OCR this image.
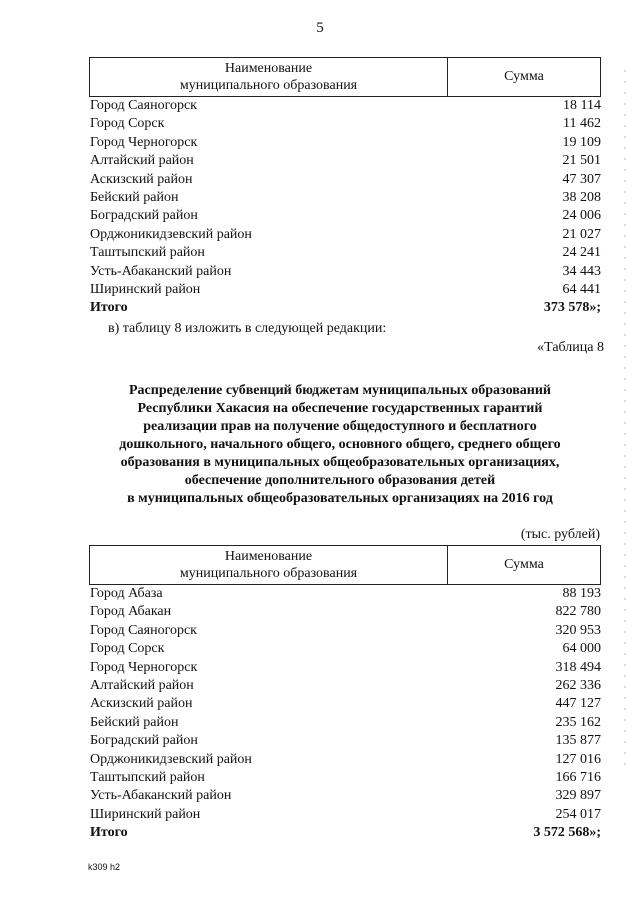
5
Наименование
муниципального образования
Сумма
Город Саяногорск	18 114
Город Сорск	11 462
Город Черногорск	19 109
Алтайский район	21 501
Аскизский район	47 307
Бейский район	38 208
Боградский район	24 006
Орджоникидзевский район	21 027
Таштыпский район	24 241
Усть-Абаканский район	34 443
Ширинский район	64 441
Итого	373 578»;
в) таблицу 8 изложить в следующей редакции:
«Таблица 8
Распределение субвенций бюджетам муниципальных образований
Республики Хакасия на обеспечение государственных гарантий
реализации прав на получение общедоступного и бесплатного
дошкольного, начального общего, основного общего, среднего общего
образования в муниципальных общеобразовательных организациях,
обеспечение дополнительного образования детей
в муниципальных общеобразовательных организациях на 2016 год
(тыс. рублей)
Наименование
муниципального образования
Сумма
Город Абаза	88 193
Город Абакан	822 780
Город Саяногорск	320 953
Город Сорск	64 000
Город Черногорск	318 494
Алтайский район	262 336
Аскизский район	447 127
Бейский район	235 162
Боградский район	135 877
Орджоникидзевский район	127 016
Таштыпский район	166 716
Усть-Абаканский район	329 897
Ширинский район	254 017
Итого	3 572 568»;
k309 h2
